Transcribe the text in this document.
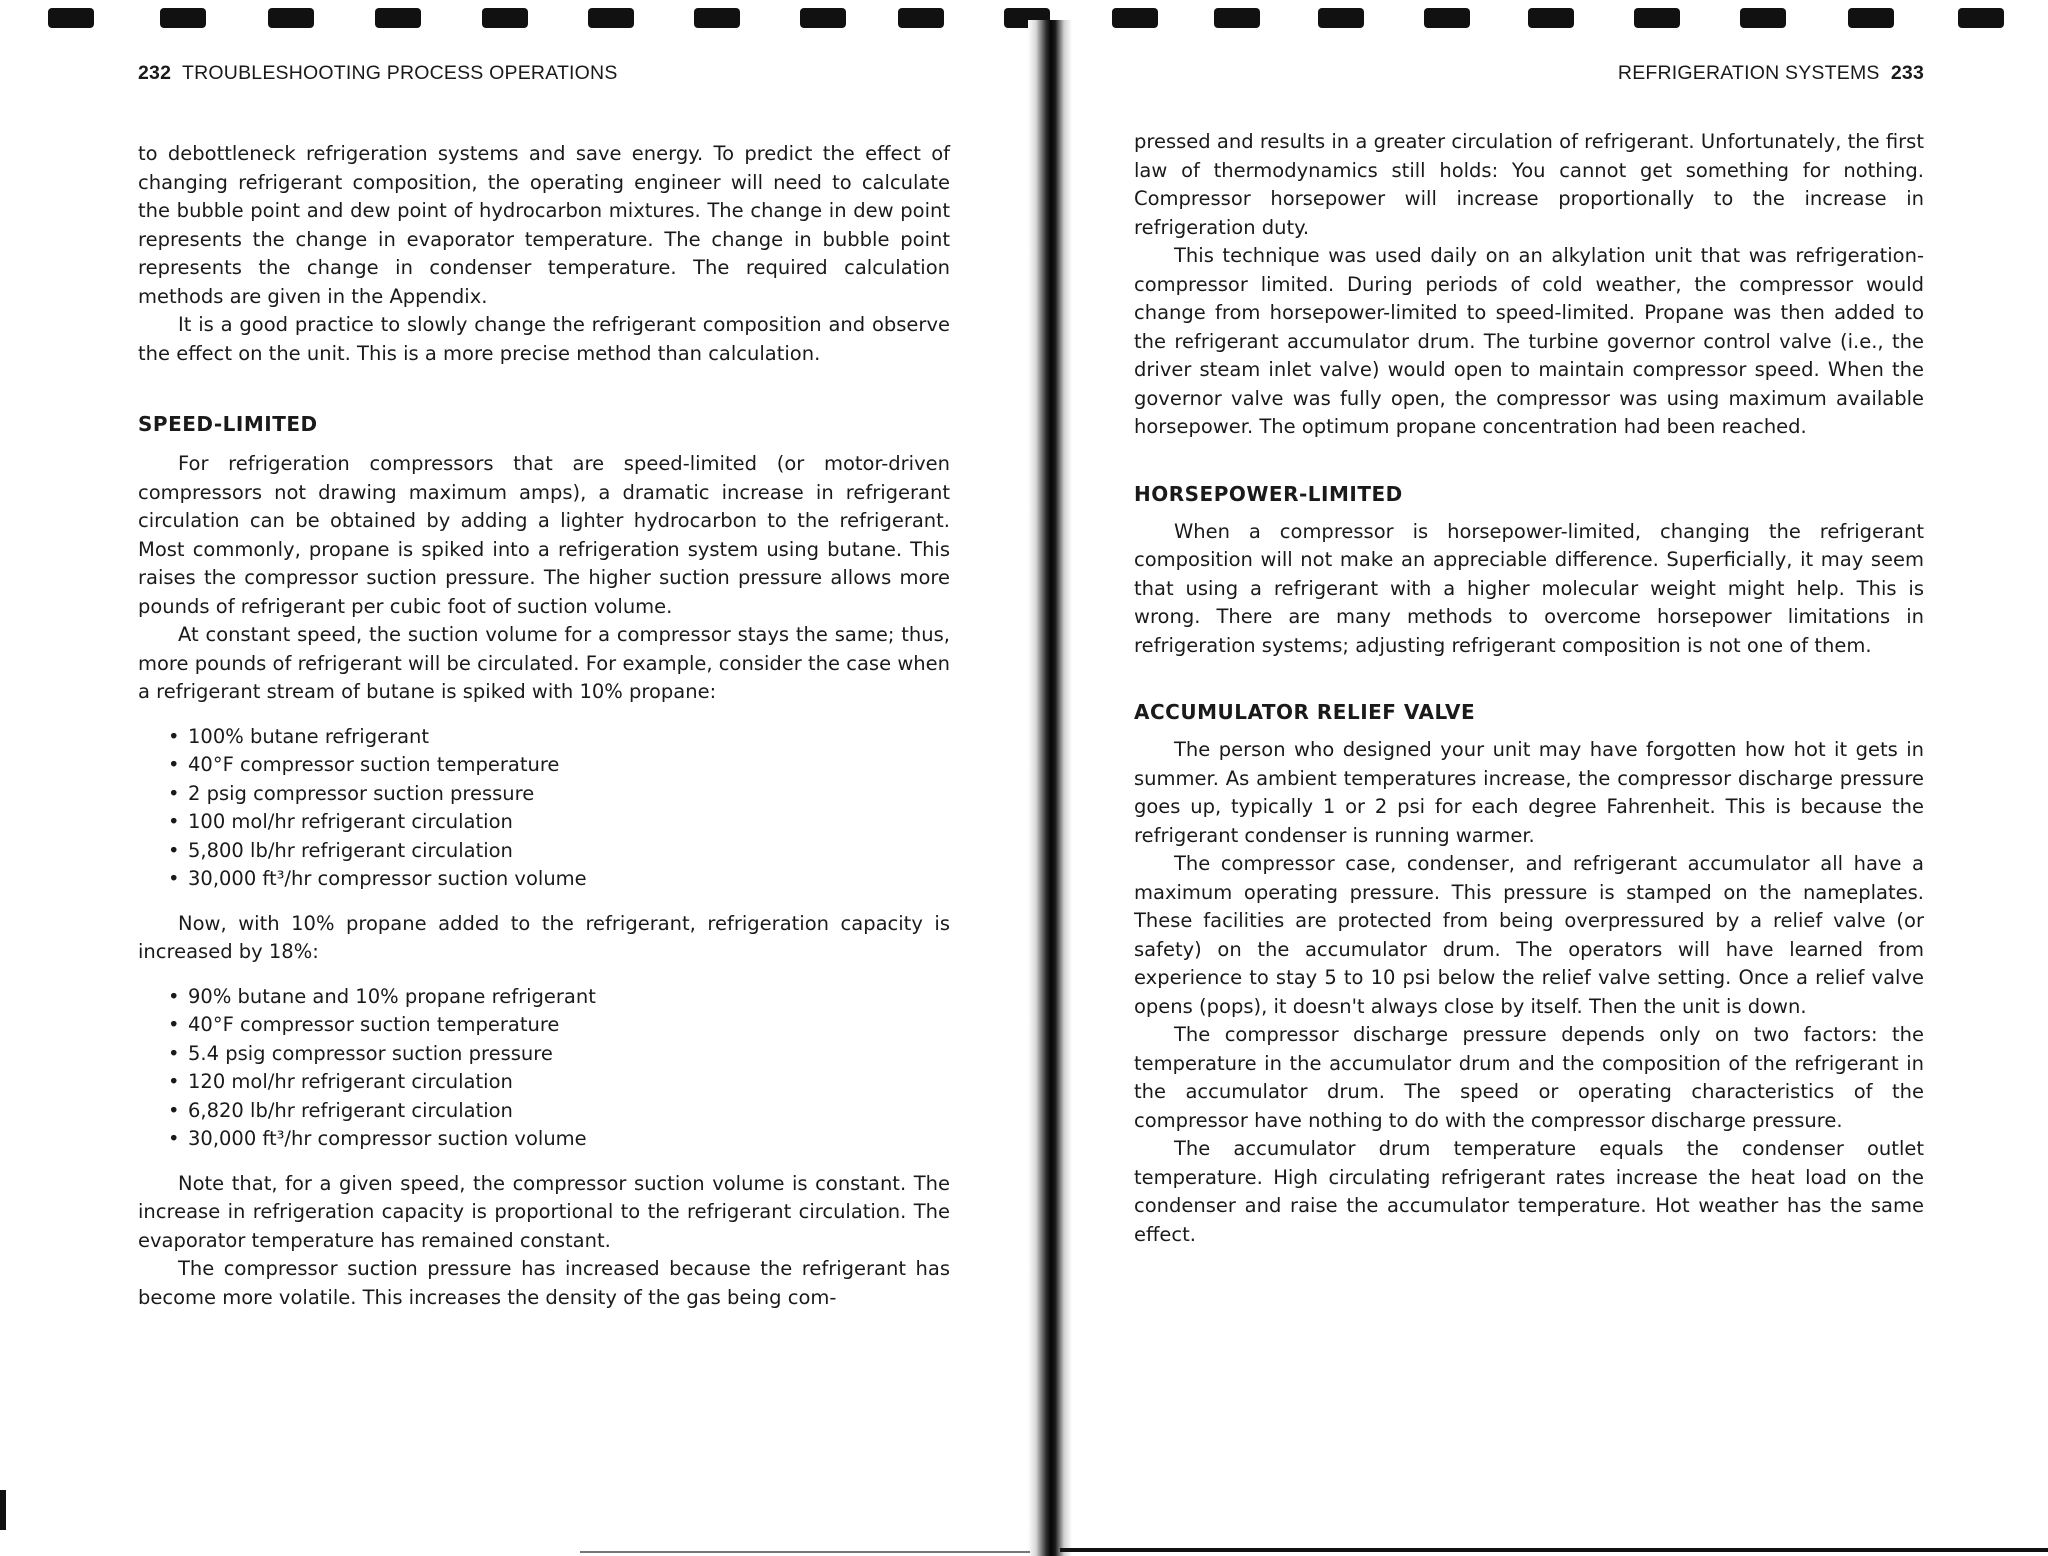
232 TROUBLESHOOTING PROCESS OPERATIONS

to debottleneck refrigeration systems and save energy. To predict the effect of changing refrigerant composition, the operating engineer will need to calculate the bubble point and dew point of hydrocarbon mixtures. The change in dew point represents the change in evaporator temperature. The change in bubble point represents the change in condenser temperature. The required calculation methods are given in the Appendix.

It is a good practice to slowly change the refrigerant composition and observe the effect on the unit. This is a more precise method than calculation.

SPEED-LIMITED

For refrigeration compressors that are speed-limited (or motor-driven compressors not drawing maximum amps), a dramatic increase in refrigerant circulation can be obtained by adding a lighter hydrocarbon to the refrigerant. Most commonly, propane is spiked into a refrigeration system using butane. This raises the compressor suction pressure. The higher suction pressure allows more pounds of refrigerant per cubic foot of suction volume.

At constant speed, the suction volume for a compressor stays the same; thus, more pounds of refrigerant will be circulated. For example, consider the case when a refrigerant stream of butane is spiked with 10% propane:

• 100% butane refrigerant
• 40°F compressor suction temperature
• 2 psig compressor suction pressure
• 100 mol/hr refrigerant circulation
• 5,800 lb/hr refrigerant circulation
• 30,000 ft³/hr compressor suction volume

Now, with 10% propane added to the refrigerant, refrigeration capacity is increased by 18%:

• 90% butane and 10% propane refrigerant
• 40°F compressor suction temperature
• 5.4 psig compressor suction pressure
• 120 mol/hr refrigerant circulation
• 6,820 lb/hr refrigerant circulation
• 30,000 ft³/hr compressor suction volume

Note that, for a given speed, the compressor suction volume is constant. The increase in refrigeration capacity is proportional to the refrigerant circulation. The evaporator temperature has remained constant.

The compressor suction pressure has increased because the refrigerant has become more volatile. This increases the density of the gas being com-

REFRIGERATION SYSTEMS 233

pressed and results in a greater circulation of refrigerant. Unfortunately, the first law of thermodynamics still holds: You cannot get something for nothing. Compressor horsepower will increase proportionally to the increase in refrigeration duty.

This technique was used daily on an alkylation unit that was refrigeration-compressor limited. During periods of cold weather, the compressor would change from horsepower-limited to speed-limited. Propane was then added to the refrigerant accumulator drum. The turbine governor control valve (i.e., the driver steam inlet valve) would open to maintain compressor speed. When the governor valve was fully open, the compressor was using maximum available horsepower. The optimum propane concentration had been reached.

HORSEPOWER-LIMITED

When a compressor is horsepower-limited, changing the refrigerant composition will not make an appreciable difference. Superficially, it may seem that using a refrigerant with a higher molecular weight might help. This is wrong. There are many methods to overcome horsepower limitations in refrigeration systems; adjusting refrigerant composition is not one of them.

ACCUMULATOR RELIEF VALVE

The person who designed your unit may have forgotten how hot it gets in summer. As ambient temperatures increase, the compressor discharge pressure goes up, typically 1 or 2 psi for each degree Fahrenheit. This is because the refrigerant condenser is running warmer.

The compressor case, condenser, and refrigerant accumulator all have a maximum operating pressure. This pressure is stamped on the nameplates. These facilities are protected from being overpressured by a relief valve (or safety) on the accumulator drum. The operators will have learned from experience to stay 5 to 10 psi below the relief valve setting. Once a relief valve opens (pops), it doesn't always close by itself. Then the unit is down.

The compressor discharge pressure depends only on two factors: the temperature in the accumulator drum and the composition of the refrigerant in the accumulator drum. The speed or operating characteristics of the compressor have nothing to do with the compressor discharge pressure.

The accumulator drum temperature equals the condenser outlet temperature. High circulating refrigerant rates increase the heat load on the condenser and raise the accumulator temperature. Hot weather has the same effect.
